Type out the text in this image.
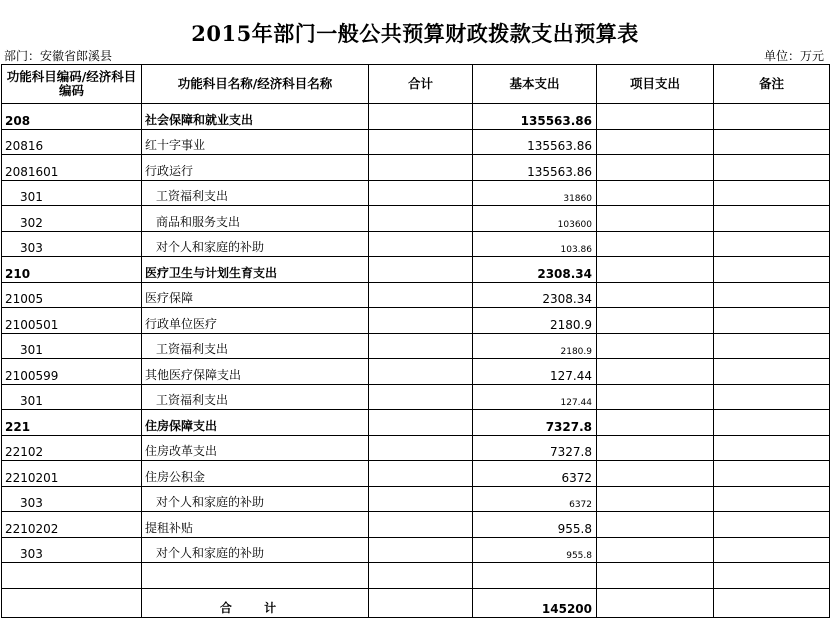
2015年部门一般公共预算财政拨款支出预算表
部门：安徽省郎溪县	单位：万元
功能科目编码/经济科目编码	功能科目名称/经济科目名称	合计	基本支出	项目支出	备注
208	社会保障和就业支出		135563.86		
20816	红十字事业		135563.86		
2081601	行政运行		135563.86		
301	工资福利支出		31860		
302	商品和服务支出		103600		
303	对个人和家庭的补助		103.86		
210	医疗卫生与计划生育支出		2308.34		
21005	医疗保障		2308.34		
2100501	行政单位医疗		2180.9		
301	工资福利支出		2180.9		
2100599	其他医疗保障支出		127.44		
301	工资福利支出		127.44		
221	住房保障支出		7327.8		
22102	住房改革支出		7327.8		
2210201	住房公积金		6372		
303	对个人和家庭的补助		6372		
2210202	提租补贴		955.8		
303	对个人和家庭的补助		955.8		

	合 计		145200		
